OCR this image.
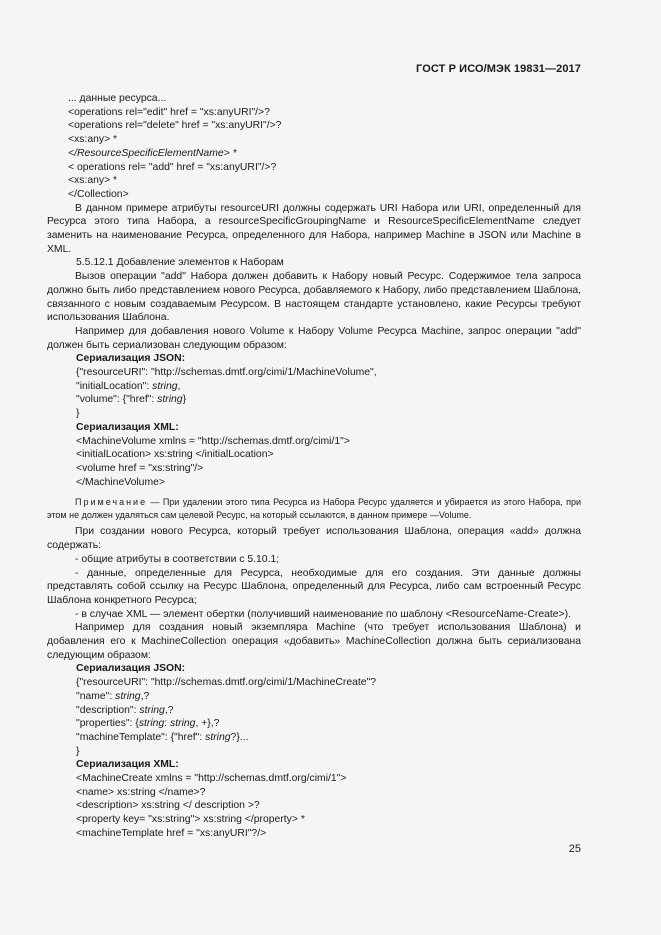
ГОСТ Р ИСО/МЭК 19831—2017
... данные ресурса...
<operations rel="edit" href = "xs:anyURI"/>?
<operations rel="delete" href = "xs:anyURI"/>?
<xs:any> *
</ResourceSpecificElementName> *
< operations rel= "add" href = "xs:anyURI"/>?
<xs:any> *
</Collection>
В данном примере атрибуты resourceURI должны содержать URI Набора или URI, определенный для Ресурса этого типа Набора, a resourceSpecificGroupingName и ResourceSpecificElementName следует заменить на наименование Ресурса, определенного для Набора, например Machine в JSON или Machine в XML.
5.5.12.1 Добавление элементов к Наборам
Вызов операции "add" Набора должен добавить к Набору новый Ресурс. Содержимое тела запроса должно быть либо представлением нового Ресурса, добавляемого к Набору, либо представлением Шаблона, связанного с новым создаваемым Ресурсом. В настоящем стандарте установлено, какие Ресурсы требуют использования Шаблона.
Например для добавления нового Volume к Набору Volume Ресурса Machine, запрос операции "add" должен быть сериализован следующим образом:
Сериализация JSON:
{"resourceURI": "http://schemas.dmtf.org/cimi/1/MachineVolume",
"initialLocation": string,
"volume": {"href": string}
}
Сериализация XML:
<MachineVolume xmlns = "http://schemas.dmtf.org/cimi/1">
<initialLocation> xs:string </initialLocation>
<volume href = "xs:string"/>
</MachineVolume>
Примечание — При удалении этого типа Ресурса из Набора Ресурс удаляется и убирается из этого Набора, при этом не должен удаляться сам целевой Ресурс, на который ссылаются, в данном примере —Volume.
При создании нового Ресурса, который требует использования Шаблона, операция «add» должна содержать:
- общие атрибуты в соответствии с 5.10.1;
- данные, определенные для Ресурса, необходимые для его создания. Эти данные должны представлять собой ссылку на Ресурс Шаблона, определенный для Ресурса, либо сам встроенный Ресурс Шаблона конкретного Ресурса;
- в случае XML — элемент обертки (получивший наименование по шаблону <ResourceName-Create>).
Например для создания новый экземпляра Machine (что требует использования Шаблона) и добавления его к MachineCollection операция «добавить» MachineCollection должна быть сериализована следующим образом:
Сериализация JSON:
{"resourceURI": "http://schemas.dmtf.org/cimi/1/MachineCreate"?
"name": string,?
"description": string,?
"properties": {string: string, +},?
"machineTemplate": {"href": string?}...
}
Сериализация XML:
<MachineCreate xmlns = "http://schemas.dmtf.org/cimi/1">
<name> xs:string </name>?
<description> xs:string </ description >?
<property key= "xs:string"> xs:string </property> *
<machineTemplate href = "xs:anyURI"?/>
25
